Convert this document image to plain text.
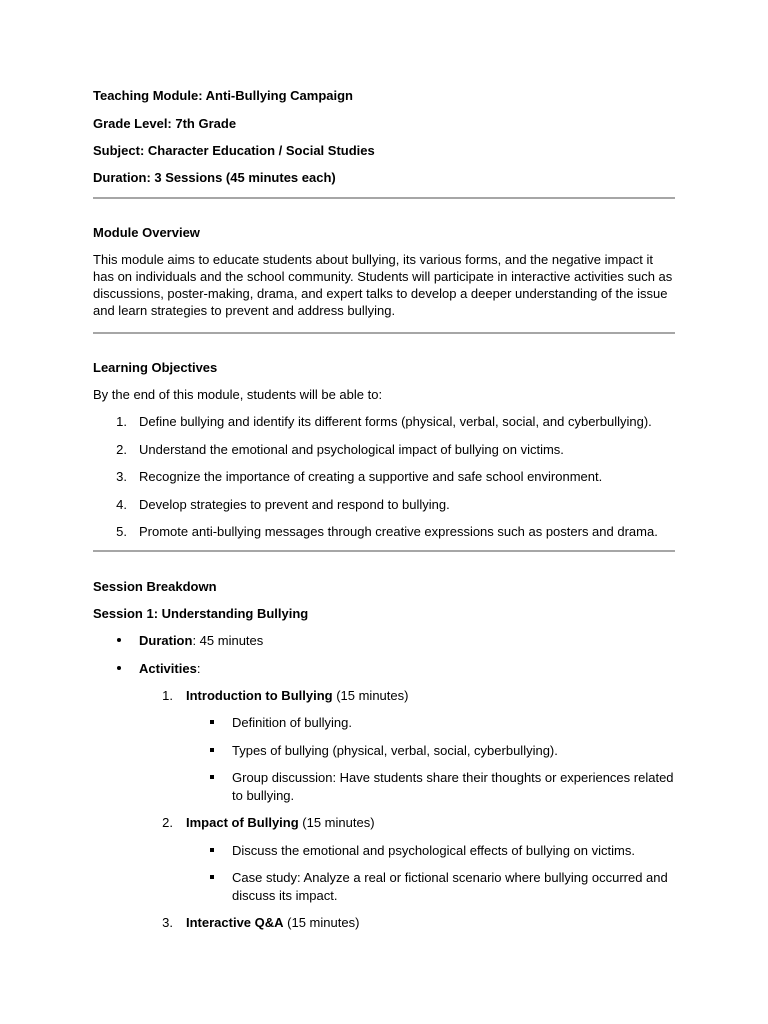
Teaching Module: Anti-Bullying Campaign
Grade Level: 7th Grade
Subject: Character Education / Social Studies
Duration: 3 Sessions (45 minutes each)
Module Overview
This module aims to educate students about bullying, its various forms, and the negative impact it has on individuals and the school community. Students will participate in interactive activities such as discussions, poster-making, drama, and expert talks to develop a deeper understanding of the issue and learn strategies to prevent and address bullying.
Learning Objectives
By the end of this module, students will be able to:
1. Define bullying and identify its different forms (physical, verbal, social, and cyberbullying).
2. Understand the emotional and psychological impact of bullying on victims.
3. Recognize the importance of creating a supportive and safe school environment.
4. Develop strategies to prevent and respond to bullying.
5. Promote anti-bullying messages through creative expressions such as posters and drama.
Session Breakdown
Session 1: Understanding Bullying
Duration: 45 minutes
Activities:
1. Introduction to Bullying (15 minutes)
Definition of bullying.
Types of bullying (physical, verbal, social, cyberbullying).
Group discussion: Have students share their thoughts or experiences related to bullying.
2. Impact of Bullying (15 minutes)
Discuss the emotional and psychological effects of bullying on victims.
Case study: Analyze a real or fictional scenario where bullying occurred and discuss its impact.
3. Interactive Q&A (15 minutes)
